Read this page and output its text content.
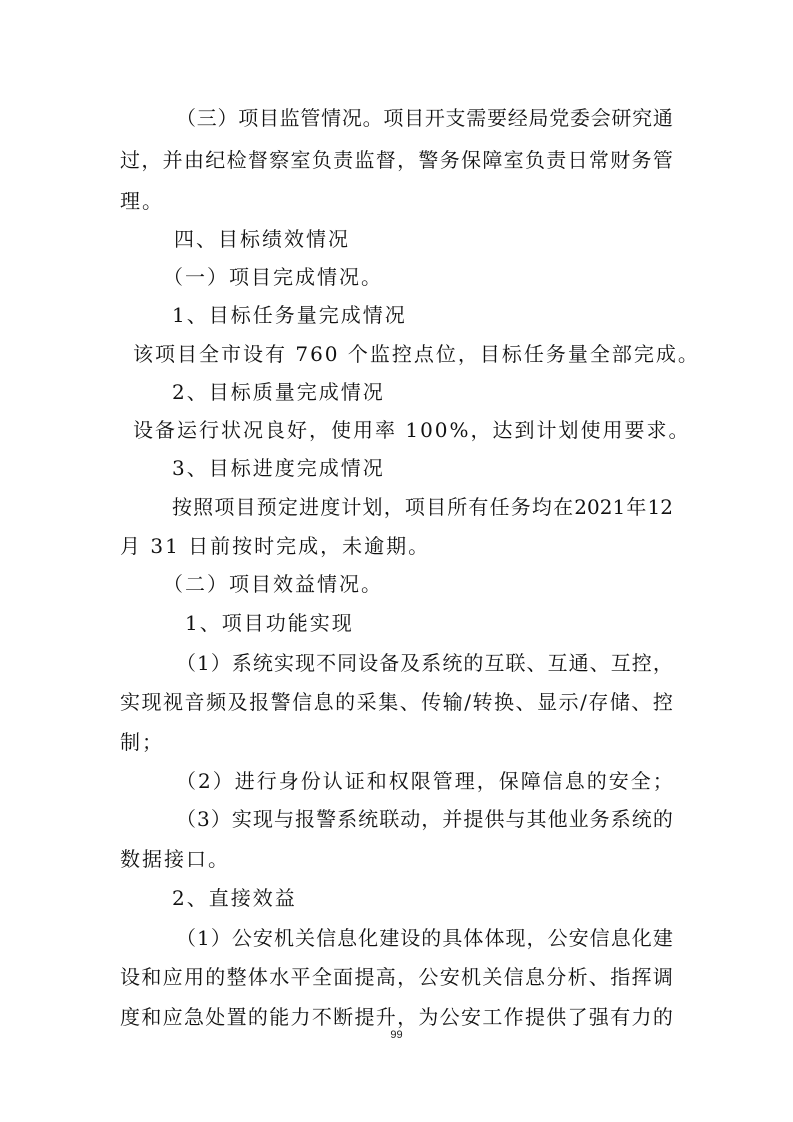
（ 三 ） 项 目 监 管 情 况 。 项 目 开 支 需 要 经 局 党 委 会 研 究 通
过 ， 并 由 纪 检 督 察 室 负 责 监 督 ， 警 务 保 障 室 负 责 日 常 财 务 管
理。
四、目标绩效情况
（一）项目完成情况。
1、目标任务量完成情况
该项目全市设有 760 个监控点位，目标任务量全部完成。
2、目标质量完成情况
设备运行状况良好，使用率 100%，达到计划使用要求。
3、目标进度完成情况
按 照 项 目 预 定 进 度 计 划 ， 项 目 所 有 任 务 均 在 2021 年 12
月 31 日前按时完成，未逾期。
（二）项目效益情况。
1、项目功能实现
（ 1 ） 系 统 实 现 不 同 设 备 及 系 统 的 互 联 、 互 通 、 互 控 ，
实 现 视 音 频 及 报 警 信 息 的 采 集 、 传 输 / 转 换 、 显 示 / 存 储 、 控
制；
（2）进行身份认证和权限管理，保障信息的安全；
（ 3 ） 实 现 与 报 警 系 统 联 动 ， 并 提 供 与 其 他 业 务 系 统 的
数据接口。
2、直接效益
（ 1 ） 公 安 机 关 信 息 化 建 设 的 具 体 体 现 ， 公 安 信 息 化 建
设 和 应 用 的 整 体 水 平 全 面 提 高 ， 公 安 机 关 信 息 分 析 、 指 挥 调
度 和 应 急 处 置 的 能 力 不 断 提 升 ， 为 公 安 工 作 提 供 了 强 有 力 的
99
